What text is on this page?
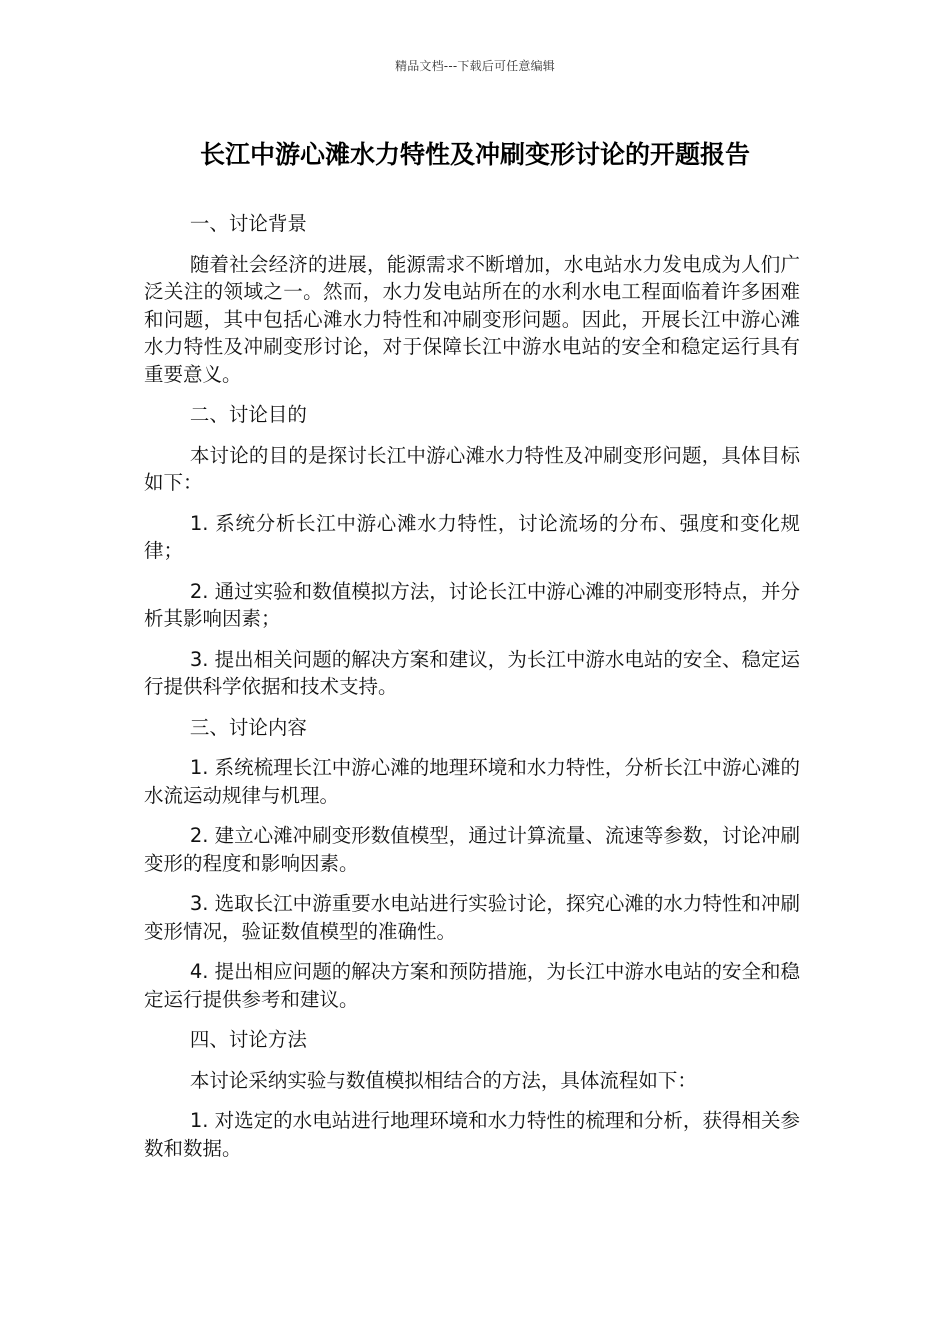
精品文档---下载后可任意编辑
长江中游心滩水力特性及冲刷变形讨论的开题报告

一、讨论背景

随着社会经济的进展，能源需求不断增加，水电站水力发电成为人们广泛关注的领域之一。然而，水力发电站所在的水利水电工程面临着许多困难和问题，其中包括心滩水力特性和冲刷变形问题。因此，开展长江中游心滩水力特性及冲刷变形讨论，对于保障长江中游水电站的安全和稳定运行具有重要意义。

二、讨论目的

本讨论的目的是探讨长江中游心滩水力特性及冲刷变形问题，具体目标如下：

1. 系统分析长江中游心滩水力特性，讨论流场的分布、强度和变化规律；

2. 通过实验和数值模拟方法，讨论长江中游心滩的冲刷变形特点，并分析其影响因素；

3. 提出相关问题的解决方案和建议，为长江中游水电站的安全、稳定运行提供科学依据和技术支持。

三、讨论内容

1. 系统梳理长江中游心滩的地理环境和水力特性，分析长江中游心滩的水流运动规律与机理。

2. 建立心滩冲刷变形数值模型，通过计算流量、流速等参数，讨论冲刷变形的程度和影响因素。

3. 选取长江中游重要水电站进行实验讨论，探究心滩的水力特性和冲刷变形情况，验证数值模型的准确性。

4. 提出相应问题的解决方案和预防措施，为长江中游水电站的安全和稳定运行提供参考和建议。

四、讨论方法

本讨论采纳实验与数值模拟相结合的方法，具体流程如下：

1. 对选定的水电站进行地理环境和水力特性的梳理和分析，获得相关参数和数据。
